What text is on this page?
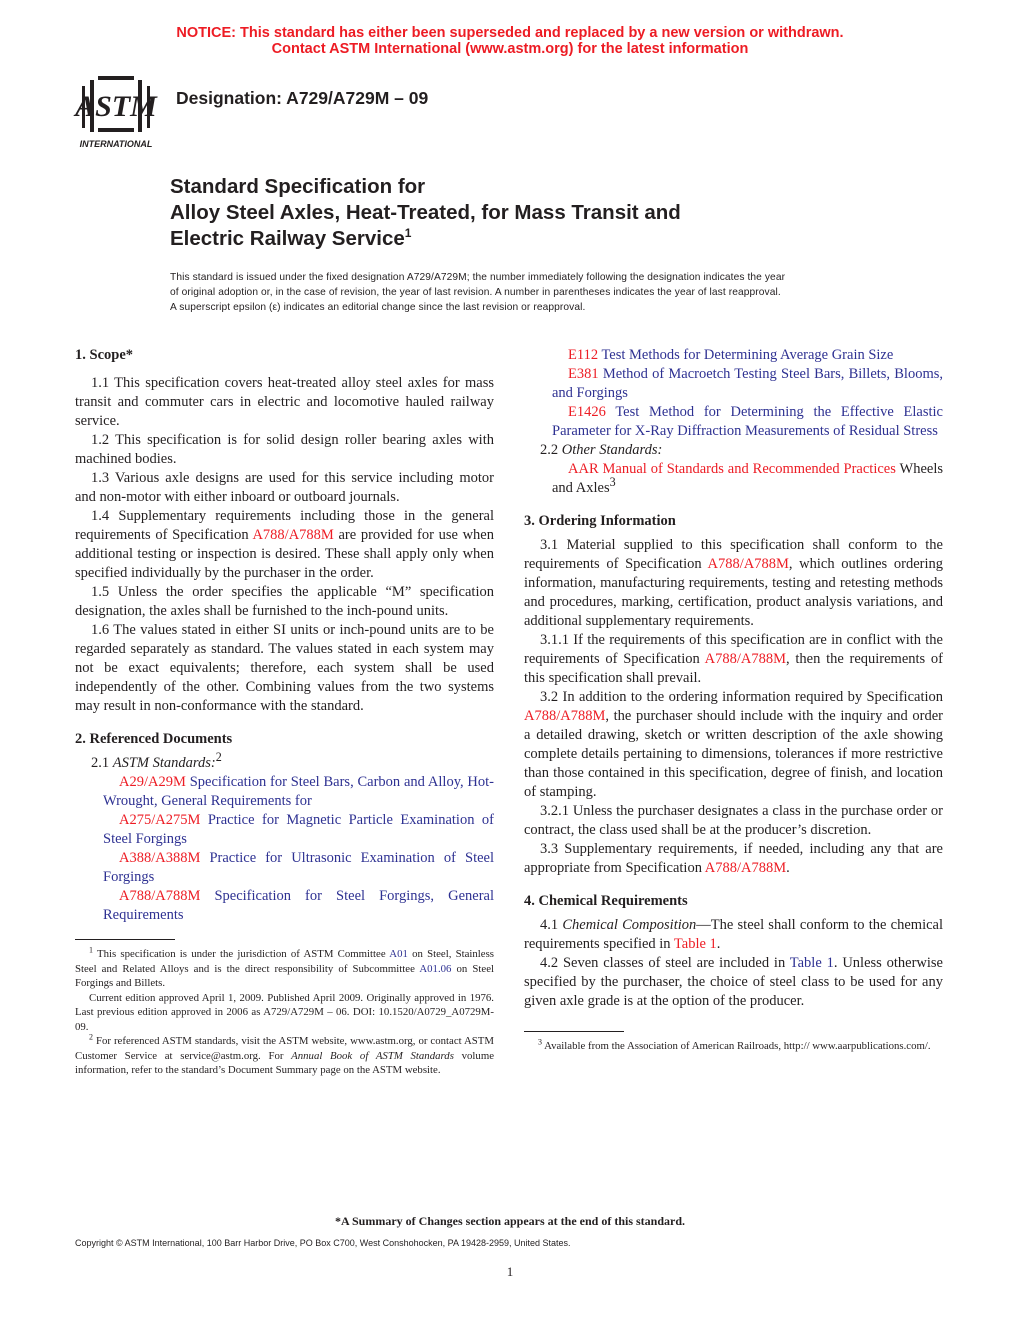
NOTICE: This standard has either been superseded and replaced by a new version or withdrawn.
Contact ASTM International (www.astm.org) for the latest information
ASTM
INTERNATIONAL
Designation: A729/A729M – 09
Standard Specification for
Alloy Steel Axles, Heat-Treated, for Mass Transit and
Electric Railway Service$^1$
This standard is issued under the fixed designation A729/A729M; the number immediately following the designation indicates the year
of original adoption or, in the case of revision, the year of last revision. A number in parentheses indicates the year of last reapproval.
A superscript epsilon (ε) indicates an editorial change since the last revision or reapproval.
1. Scope*

1.1 This specification covers heat-treated alloy steel axles for mass transit and commuter cars in electric and locomotive hauled railway service.

1.2 This specification is for solid design roller bearing axles with machined bodies.

1.3 Various axle designs are used for this service including motor and non-motor with either inboard or outboard journals.

1.4 Supplementary requirements including those in the general requirements of Specification A788/A788M are provided for use when additional testing or inspection is desired. These shall apply only when specified individually by the purchaser in the order.

1.5 Unless the order specifies the applicable “M” specification designation, the axles shall be furnished to the inch-pound units.

1.6 The values stated in either SI units or inch-pound units are to be regarded separately as standard. The values stated in each system may not be exact equivalents; therefore, each system shall be used independently of the other. Combining values from the two systems may result in non-conformance with the standard.

2. Referenced Documents

2.1 ASTM Standards:$^2$

A29/A29M Specification for Steel Bars, Carbon and Alloy, Hot-Wrought, General Requirements for

A275/A275M Practice for Magnetic Particle Examination of Steel Forgings

A388/A388M Practice for Ultrasonic Examination of Steel Forgings

A788/A788M Specification for Steel Forgings, General Requirements

$^1$ This specification is under the jurisdiction of ASTM Committee A01 on Steel, Stainless Steel and Related Alloys and is the direct responsibility of Subcommittee A01.06 on Steel Forgings and Billets.

Current edition approved April 1, 2009. Published April 2009. Originally approved in 1976. Last previous edition approved in 2006 as A729/A729M – 06. DOI: 10.1520/A0729_A0729M-09.

$^2$ For referenced ASTM standards, visit the ASTM website, www.astm.org, or contact ASTM Customer Service at service@astm.org. For Annual Book of ASTM Standards volume information, refer to the standard’s Document Summary page on the ASTM website.

E112 Test Methods for Determining Average Grain Size

E381 Method of Macroetch Testing Steel Bars, Billets, Blooms, and Forgings

E1426 Test Method for Determining the Effective Elastic Parameter for X-Ray Diffraction Measurements of Residual Stress

2.2 Other Standards:

AAR Manual of Standards and Recommended Practices Wheels and Axles$^3$

3. Ordering Information

3.1 Material supplied to this specification shall conform to the requirements of Specification A788/A788M, which outlines ordering information, manufacturing requirements, testing and retesting methods and procedures, marking, certification, product analysis variations, and additional supplementary requirements.

3.1.1 If the requirements of this specification are in conflict with the requirements of Specification A788/A788M, then the requirements of this specification shall prevail.

3.2 In addition to the ordering information required by Specification A788/A788M, the purchaser should include with the inquiry and order a detailed drawing, sketch or written description of the axle showing complete details pertaining to dimensions, tolerances if more restrictive than those contained in this specification, degree of finish, and location of stamping.

3.2.1 Unless the purchaser designates a class in the purchase order or contract, the class used shall be at the producer’s discretion.

3.3 Supplementary requirements, if needed, including any that are appropriate from Specification A788/A788M.

4. Chemical Requirements

4.1 Chemical Composition—The steel shall conform to the chemical requirements specified in Table 1.

4.2 Seven classes of steel are included in Table 1. Unless otherwise specified by the purchaser, the choice of steel class to be used for any given axle grade is at the option of the producer.

$^3$ Available from the Association of American Railroads, http:// www.aarpublications.com/.

*A Summary of Changes section appears at the end of this standard.
Copyright © ASTM International, 100 Barr Harbor Drive, PO Box C700, West Conshohocken, PA 19428-2959, United States.
1
